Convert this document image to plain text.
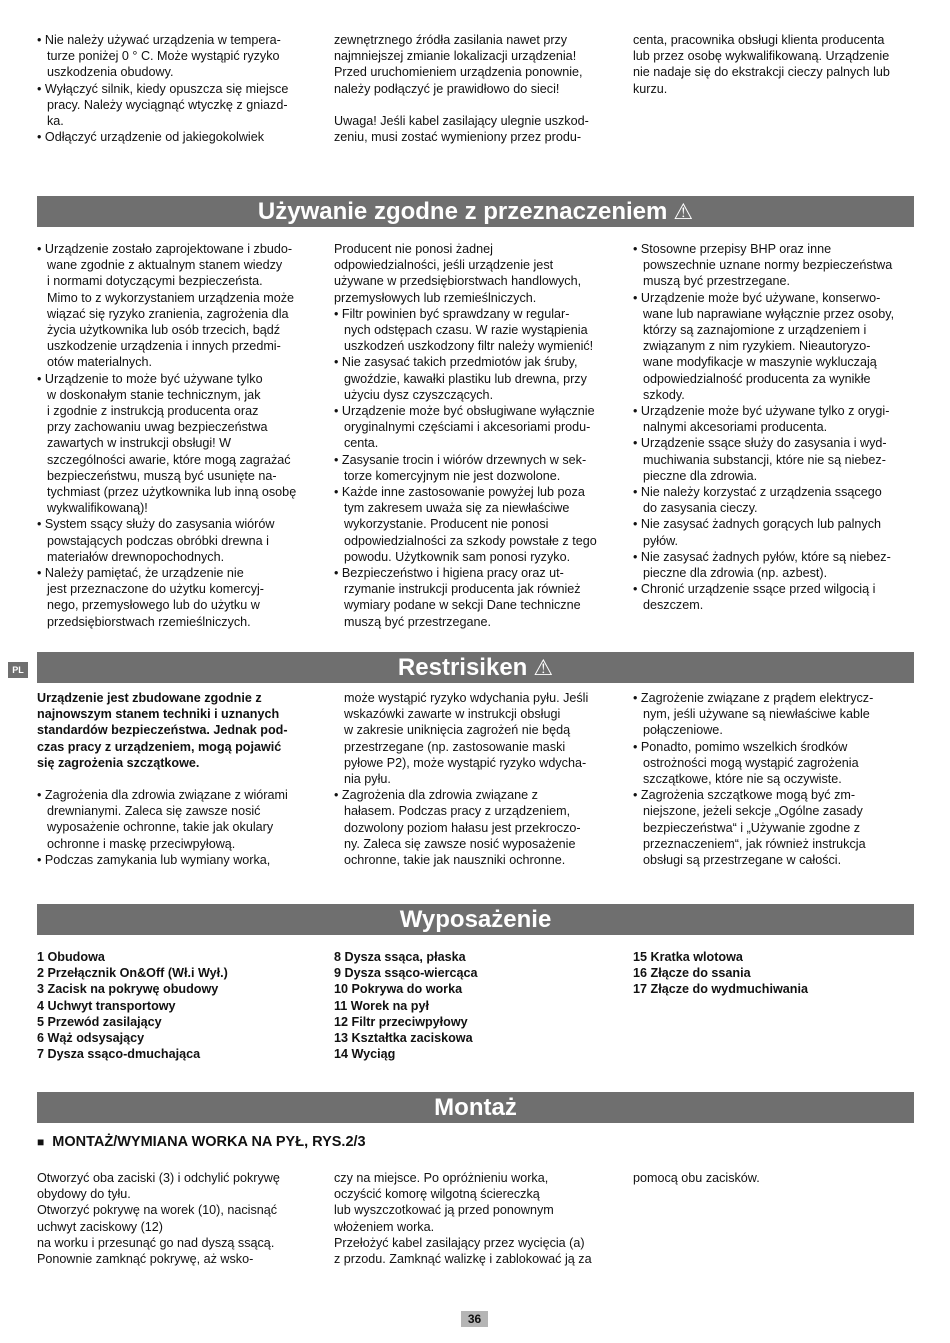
• Nie należy używać urządzenia w tempera-
turze poniżej 0 ° C. Może wystąpić ryzyko
uszkodzenia obudowy.
• Wyłączyć silnik, kiedy opuszcza się miejsce
pracy. Należy wyciągnąć wtyczkę z gniazd-
ka.
• Odłączyć urządzenie od jakiegokolwiek
zewnętrznego źródła zasilania nawet przy
najmniejszej zmianie lokalizacji urządzenia!
Przed uruchomieniem urządzenia ponownie,
należy podłączyć je prawidłowo do sieci!
Uwaga! Jeśli kabel zasilający ulegnie uszkod-
zeniu, musi zostać wymieniony przez produ-
centa, pracownika obsługi klienta producenta
lub przez osobę wykwalifikowaną. Urządzenie
nie nadaje się do ekstrakcji cieczy palnych lub
kurzu.
Używanie zgodne z przeznaczeniem ⚠
• Urządzenie zostało zaprojektowane i zbudo-
wane zgodnie z aktualnym stanem wiedzy
i normami dotyczącymi bezpieczeństa.
Mimo to z wykorzystaniem urządzenia może
wiązać się ryzyko zranienia, zagrożenia dla
życia użytkownika lub osób trzecich, bądź
uszkodzenie urządzenia i innych przedmi-
otów materialnych.
• Urządzenie to może być używane tylko
w doskonałym stanie technicznym, jak
i zgodnie z instrukcją producenta oraz
przy zachowaniu uwag bezpieczeństwa
zawartych w instrukcji obsługi! W
szczególności awarie, które mogą zagrażać
bezpieczeństwu, muszą być usunięte na-
tychmiast (przez użytkownika lub inną osobę
wykwalifikowaną)!
• System ssący służy do zasysania wiórów
powstających podczas obróbki drewna i
materiałów drewnopochodnych.
• Należy pamiętać, że urządzenie nie
jest przeznaczone do użytku komercyj-
nego, przemysłowego lub do użytku w
przedsiębiorstwach rzemieślniczych.
Producent nie ponosi żadnej
odpowiedzialności, jeśli urządzenie jest
używane w przedsiębiorstwach handlowych,
przemysłowych lub rzemieślniczych.
• Filtr powinien być sprawdzany w regular-
nych odstępach czasu. W razie wystąpienia
uszkodzeń uszkodzony filtr należy wymienić!
• Nie zasysać takich przedmiotów jak śruby,
gwoździe, kawałki plastiku lub drewna, przy
użyciu dysz czyszczących.
• Urządzenie może być obsługiwane wyłącznie
oryginalnymi częściami i akcesoriami produ-
centa.
• Zasysanie trocin i wiórów drzewnych w sek-
torze komercyjnym nie jest dozwolone.
• Każde inne zastosowanie powyżej lub poza
tym zakresem uważa się za niewłaściwe
wykorzystanie. Producent nie ponosi
odpowiedzialności za szkody powstałe z tego
powodu. Użytkownik sam ponosi ryzyko.
• Bezpieczeństwo i higiena pracy oraz ut-
rzymanie instrukcji producenta jak również
wymiary podane w sekcji Dane techniczne
muszą być przestrzegane.
• Stosowne przepisy BHP oraz inne
powszechnie uznane normy bezpieczeństwa
muszą być przestrzegane.
• Urządzenie może być używane, konserwo-
wane lub naprawiane wyłącznie przez osoby,
którzy są zaznajomione z urządzeniem i
związanym z nim ryzykiem. Nieautoryzo-
wane modyfikacje w maszynie wykluczają
odpowiedzialność producenta za wynikłe
szkody.
• Urządzenie może być używane tylko z orygi-
nalnymi akcesoriami producenta.
• Urządzenie ssące służy do zasysania i wyd-
muchiwania substancji, które nie są niebez-
pieczne dla zdrowia.
• Nie należy korzystać z urządzenia ssącego
do zasysania cieczy.
• Nie zasysać żadnych gorących lub palnych
pyłów.
• Nie zasysać żadnych pyłów, które są niebez-
pieczne dla zdrowia (np. azbest).
• Chronić urządzenie ssące przed wilgocią i
deszczem.
PL	Restrisiken ⚠
Urządzenie jest zbudowane zgodnie z
najnowszym stanem techniki i uznanych
standardów bezpieczeństwa. Jednak pod-
czas pracy z urządzeniem, mogą pojawić
się zagrożenia szczątkowe.
• Zagrożenia dla zdrowia związane z wiórami
drewnianymi. Zaleca się zawsze nosić
wyposażenie ochronne, takie jak okulary
ochronne i maskę przeciwpyłową.
• Podczas zamykania lub wymiany worka,
może wystąpić ryzyko wdychania pyłu. Jeśli
wskazówki zawarte w instrukcji obsługi
w zakresie uniknięcia zagrożeń nie będą
przestrzegane (np. zastosowanie maski
pyłowe P2), może wystąpić ryzyko wdycha-
nia pyłu.
• Zagrożenia dla zdrowia związane z
hałasem. Podczas pracy z urządzeniem,
dozwolony poziom hałasu jest przekroczo-
ny. Zaleca się zawsze nosić wyposażenie
ochronne, takie jak nauszniki ochronne.
• Zagrożenie związane z prądem elektrycz-
nym, jeśli używane są niewłaściwe kable
połączeniowe.
• Ponadto, pomimo wszelkich środków
ostrożności mogą wystąpić zagrożenia
szczątkowe, które nie są oczywiste.
• Zagrożenia szczątkowe mogą być zm-
niejszone, jeżeli sekcje „Ogólne zasady
bezpieczeństwa“ i „Używanie zgodne z
przeznaczeniem“, jak również instrukcja
obsługi są przestrzegane w całości.
Wyposażenie
1 Obudowa
2 Przełącznik On&Off (Wł.i Wył.)
3 Zacisk na pokrywę obudowy
4 Uchwyt transportowy
5 Przewód zasilający
6 Wąż odsysający
7 Dysza ssąco-dmuchająca
8 Dysza ssąca, płaska
9 Dysza ssąco-wiercąca
10 Pokrywa do worka
11 Worek na pył
12 Filtr przeciwpyłowy
13 Kształtka zaciskowa
14 Wyciąg
15 Kratka wlotowa
16 Złącze do ssania
17 Złącze do wydmuchiwania
Montaż
■ MONTAŻ/WYMIANA WORKA NA PYŁ, RYS.2/3
Otworzyć oba zaciski (3) i odchylić pokrywę
obydowy do tyłu.
Otworzyć pokrywę na worek (10), nacisnąć
uchwyt zaciskowy (12)
na worku i przesunąć go nad dyszą ssącą.
Ponownie zamknąć pokrywę, aż wsko-
czy na miejsce. Po opróżnieniu worka,
oczyścić komorę wilgotną ściereczką
lub wyszczotkować ją przed ponownym
włożeniem worka.
Przełożyć kabel zasilający przez wycięcia (a)
z przodu. Zamknąć walizkę i zablokować ją za
pomocą obu zacisków.
36
